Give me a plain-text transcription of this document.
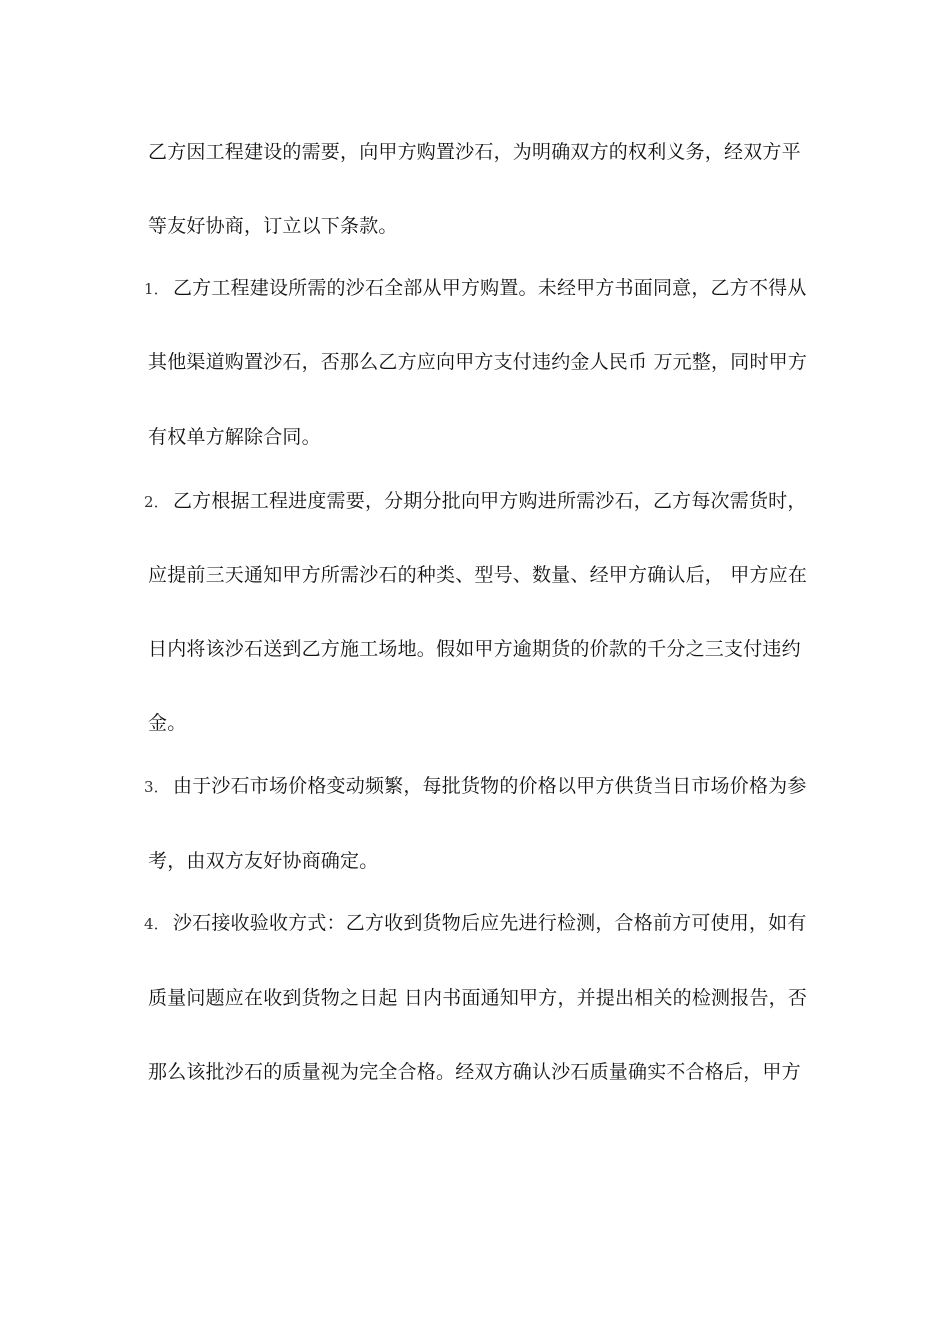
乙方因工程建设的需要，向甲方购置沙石，为明确双方的权利义务，经双方平
等友好协商，订立以下条款。
1． 乙方工程建设所需的沙石全部从甲方购置。未经甲方书面同意，乙方不得从
其他渠道购置沙石，否那么乙方应向甲方支付违约金人民币 万元整，同时甲方
有权单方解除合同。
2． 乙方根据工程进度需要，分期分批向甲方购进所需沙石，乙方每次需货时，
应提前三天通知甲方所需沙石的种类、型号、数量、经甲方确认后， 甲方应在
日内将该沙石送到乙方施工场地。假如甲方逾期货的价款的千分之三支付违约
金。
3． 由于沙石市场价格变动频繁，每批货物的价格以甲方供货当日市场价格为参
考，由双方友好协商确定。
4． 沙石接收验收方式：乙方收到货物后应先进行检测，合格前方可使用，如有
质量问题应在收到货物之日起 日内书面通知甲方，并提出相关的检测报告，否
那么该批沙石的质量视为完全合格。经双方确认沙石质量确实不合格后，甲方
